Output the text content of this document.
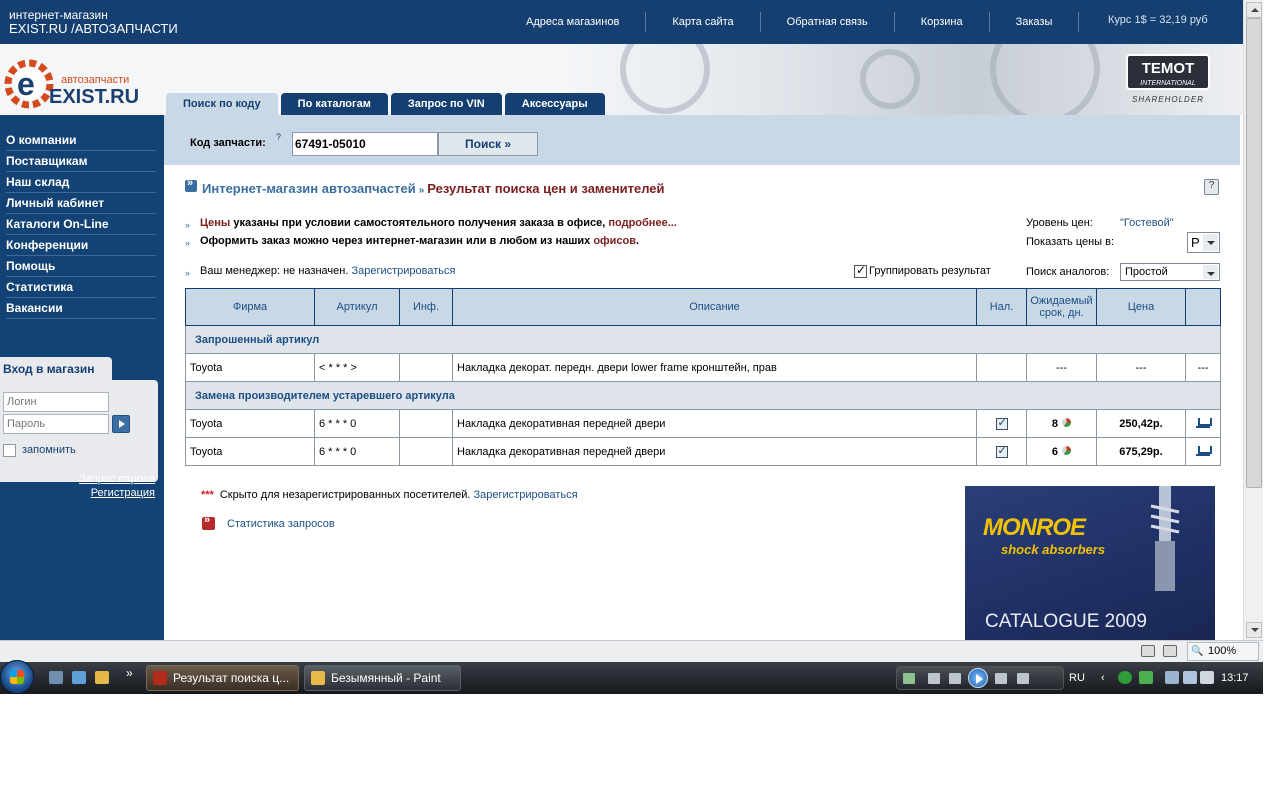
интернет-магазин
EXIST.RU /АВТОЗАПЧАСТИ	Адреса магазинов	Карта сайта	Обратная связь	Корзина	Заказы	Курс 1$ = 32,19 руб
e автозапчасти
EXIST.RU
TEMOT
INTERNATIONAL
SHAREHOLDER
Поиск по коду	По каталогам	Запрос по VIN	Аксессуары
О компании
Поставщикам
Наш склад
Личный кабинет
Каталоги On-Line
Конференции
Помощь
Статистика
Вакансии
Вход в магазин
Логин
запомнить
Запрос пароля
Регистрация
Код запчасти: ? 67491-05010	Поиск »
»
Интернет-магазин автозапчастей » Результат поиска цен и заменителей	?
» Цены указаны при условии самостоятельного получения заказа в офисе, подробнее...
» Оформить заказ можно через интернет-магазин или в любом из наших офисов.
» Ваш менеджер: не назначен. Зарегистрироваться
Уровень цен: "Гостевой"
Показать цены в:	Р
✓
Группировать результат	Поиск аналогов:	Простой
Фирма	Артикул	Инф.	Описание	Нал.	Ожидаемый срок, дн.	Цена	
Запрошенный артикул							
Toyota	< * * * >		Накладка декорат. передн. двери lower frame кронштейн, прав		---	---	---
Замена производителем устаревшего артикула							
Toyota	6 * * * 0		Накладка декоративная передней двери	✓	8	250,42р.	
Toyota	6 * * * 0		Накладка декоративная передней двери	✓	6	675,29р.	
*** Скрыто для незарегистрированных посетителей. Зарегистрироваться
»
Статистика запросов	MONROE
shock absorbers
CATALOGUE 2009
🔍 100%
»	Результат поиска ц...	Безымянный - Paint	RU ‹	13:17
